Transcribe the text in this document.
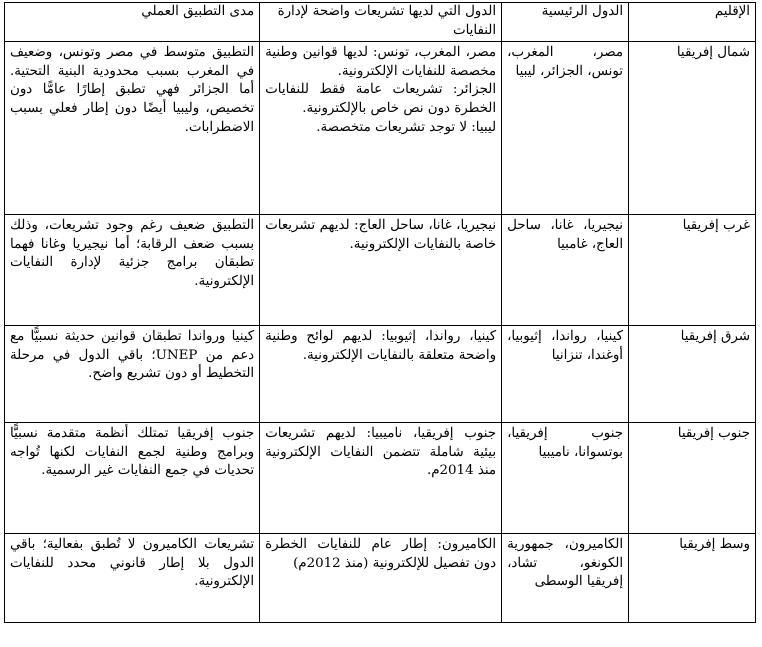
الإقليم	الدول الرئيسية	الدول التي لديها تشريعات واضحة لإدارة النفايات	مدى التطبيق العملي

شمال إفريقيا	مصر، المغرب، تونس، الجزائر، ليبيا	مصر، المغرب، تونس: لديها قوانين وطنية مخصصة للنفايات الإلكترونية.
الجزائر: تشريعات عامة فقط للنفايات الخطرة دون نص خاص بالإلكترونية.
ليبيا: لا توجد تشريعات متخصصة.	التطبيق متوسط في مصر وتونس، وضعيف في المغرب بسبب محدودية البنية التحتية. أما الجزائر فهي تطبق إطارًا عامًّا دون تخصيص، وليبيا أيضًا دون إطار فعلي بسبب الاضطرابات.
غرب إفريقيا	نيجيريا، غانا، ساحل العاج، غامبيا	نيجيريا، غانا، ساحل العاج: لديهم تشريعات خاصة بالنفايات الإلكترونية.	التطبيق ضعيف رغم وجود تشريعات، وذلك بسبب ضعف الرقابة؛ أما نيجيريا وغانا فهما تطبقان برامج جزئية لإدارة النفايات الإلكترونية.
شرق إفريقيا	كينيا، رواندا، إثيوبيا، أوغندا، تنزانيا	كينيا، رواندا، إثيوبيا: لديهم لوائح وطنية واضحة متعلقة بالنفايات الإلكترونية.	كينيا ورواندا تطبقان قوانين حديثة نسبيًّا مع دعم من UNEP؛ باقي الدول في مرحلة التخطيط أو دون تشريع واضح.
جنوب إفريقيا	جنوب إفريقيا، بوتسوانا، ناميبيا	جنوب إفريقيا، ناميبيا: لديهم تشريعات بيئية شاملة تتضمن النفايات الإلكترونية منذ 2014م.	جنوب إفريقيا تمتلك أنظمة متقدمة نسبيًّا وبرامج وطنية لجمع النفايات لكنها تُواجه تحديات في جمع النفايات غير الرسمية.
وسط إفريقيا	الكاميرون، جمهورية الكونغو، تشاد، إفريقيا الوسطى	الكاميرون: إطار عام للنفايات الخطرة دون تفصيل للإلكترونية (منذ 2012م)	تشريعات الكاميرون لا تُطبق بفعالية؛ باقي الدول بلا إطار قانوني محدد للنفايات الإلكترونية.
